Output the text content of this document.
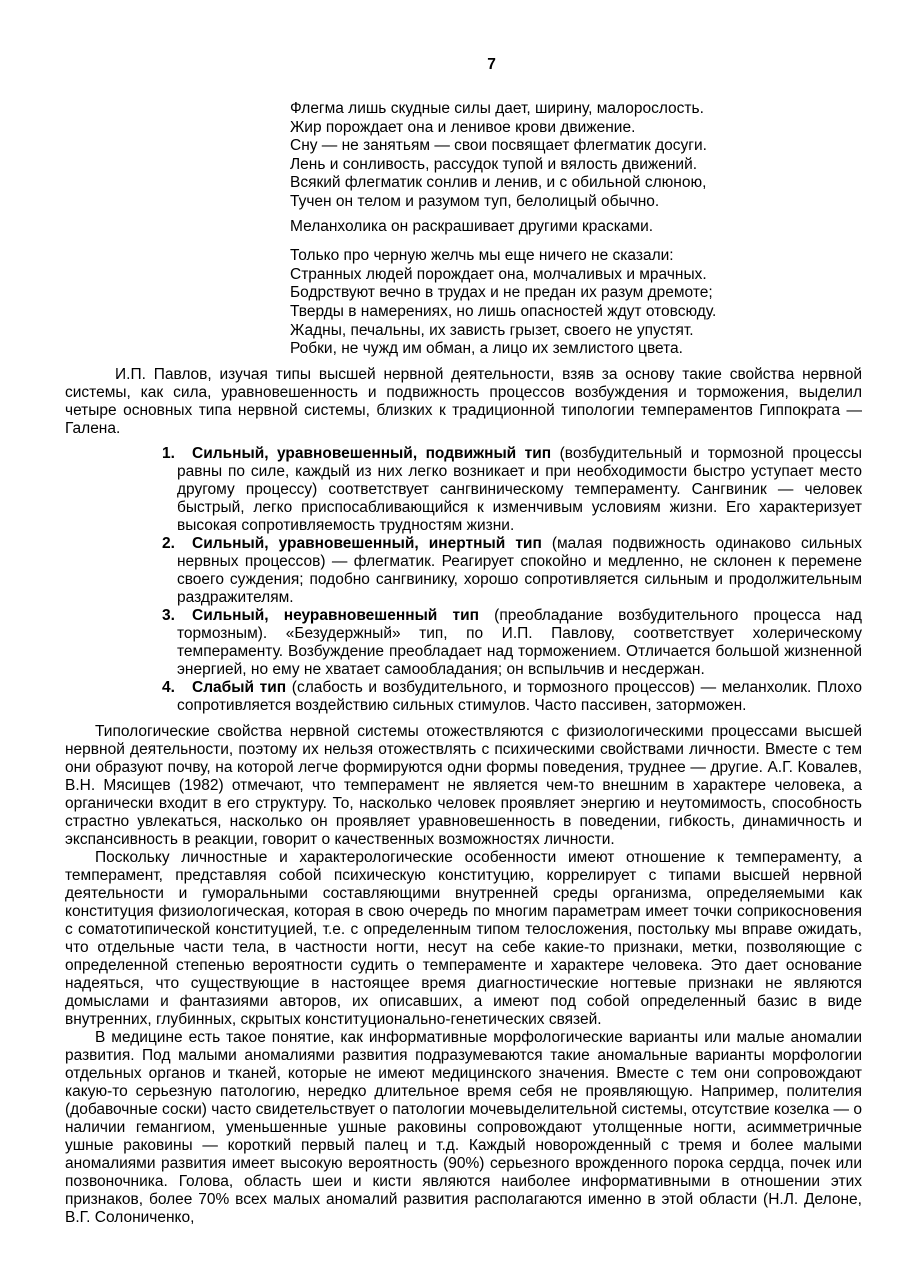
7
Флегма лишь скудные силы дает, ширину, малорослость.
Жир порождает она и ленивое крови движение.
Сну — не занятьям — свои посвящает флегматик досуги.
Лень и сонливость, рассудок тупой и вялость движений.
Всякий флегматик сонлив и ленив, и с обильной слюною,
Тучен он телом и разумом туп, белолицый обычно.
Меланхолика он раскрашивает другими красками.
Только про черную желчь мы еще ничего не сказали:
Странных людей порождает она, молчаливых и мрачных.
Бодрствуют вечно в трудах и не предан их разум дремоте;
Тверды в намерениях, но лишь опасностей ждут отовсюду.
Жадны, печальны, их зависть грызет, своего не упустят.
Робки, не чужд им обман, а лицо их землистого цвета.

И.П. Павлов, изучая типы высшей нервной деятельности, взяв за основу такие свойства нервной системы, как сила, уравновешенность и подвижность процессов возбуждения и торможения, выделил четыре основных типа нервной системы, близких к традиционной типологии темпераментов Гиппократа — Галена.

1. Сильный, уравновешенный, подвижный тип (возбудительный и тормозной процессы равны по силе, каждый из них легко возникает и при необходимости быстро уступает место другому процессу) соответствует сангвиническому темпераменту. Сангвиник — человек быстрый, легко приспосабливающийся к изменчивым условиям жизни. Его характеризует высокая сопротивляемость трудностям жизни.
2. Сильный, уравновешенный, инертный тип (малая подвижность одинаково сильных нервных процессов) — флегматик. Реагирует спокойно и медленно, не склонен к перемене своего суждения; подобно сангвинику, хорошо сопротивляется сильным и продолжительным раздражителям.
3. Сильный, неуравновешенный тип (преобладание возбудительного процесса над тормозным). «Безудержный» тип, по И.П. Павлову, соответствует холерическому темпераменту. Возбуждение преобладает над торможением. Отличается большой жизненной энергией, но ему не хватает самообладания; он вспыльчив и несдержан.
4. Слабый тип (слабость и возбудительного, и тормозного процессов) — меланхолик. Плохо сопротивляется воздействию сильных стимулов. Часто пассивен, заторможен.

Типологические свойства нервной системы отожествляются с физиологическими процессами высшей нервной деятельности, поэтому их нельзя отожествлять с психическими свойствами личности. Вместе с тем они образуют почву, на которой легче формируются одни формы поведения, труднее — другие. А.Г. Ковалев, В.Н. Мясищев (1982) отмечают, что темперамент не является чем-то внешним в характере человека, а органически входит в его структуру. То, насколько человек проявляет энергию и неутомимость, способность страстно увлекаться, насколько он проявляет уравновешенность в поведении, гибкость, динамичность и экспансивность в реакции, говорит о качественных возможностях личности.

Поскольку личностные и характерологические особенности имеют отношение к темпераменту, а темперамент, представляя собой психическую конституцию, коррелирует с типами высшей нервной деятельности и гуморальными составляющими внутренней среды организма, определяемыми как конституция физиологическая, которая в свою очередь по многим параметрам имеет точки соприкосновения с соматотипической конституцией, т.е. с определенным типом телосложения, постольку мы вправе ожидать, что отдельные части тела, в частности ногти, несут на себе какие-то признаки, метки, позволяющие с определенной степенью вероятности судить о темпераменте и характере человека. Это дает основание надеяться, что существующие в настоящее время диагностические ногтевые признаки не являются домыслами и фантазиями авторов, их описавших, а имеют под собой определенный базис в виде внутренних, глубинных, скрытых конституционально-генетических связей.

В медицине есть такое понятие, как информативные морфологические варианты или малые аномалии развития. Под малыми аномалиями развития подразумеваются такие аномальные варианты морфологии отдельных органов и тканей, которые не имеют медицинского значения. Вместе с тем они сопровождают какую-то серьезную патологию, нередко длительное время себя не проявляющую. Например, полителия (добавочные соски) часто свидетельствует о патологии мочевыделительной системы, отсутствие козелка — о наличии гемангиом, уменьшенные ушные раковины сопровождают утолщенные ногти, асимметричные ушные раковины — короткий первый палец и т.д. Каждый новорожденный с тремя и более малыми аномалиями развития имеет высокую вероятность (90%) серьезного врожденного порока сердца, почек или позвоночника. Голова, область шеи и кисти являются наиболее информативными в отношении этих признаков, более 70% всех малых аномалий развития располагаются именно в этой области (Н.Л. Делоне, В.Г. Солониченко,
